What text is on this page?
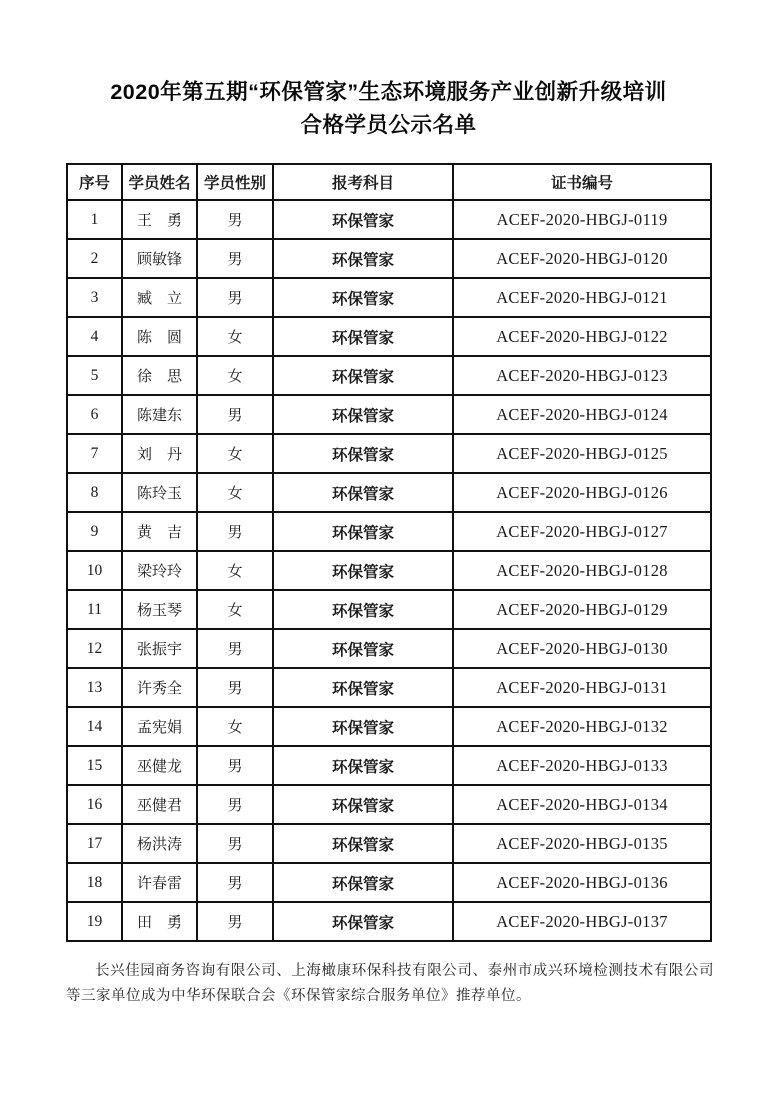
2020年第五期“环保管家”生态环境服务产业创新升级培训
合格学员公示名单
序号	学员姓名	学员性别	报考科目	证书编号
1	王　勇	男	环保管家	ACEF-2020-HBGJ-0119
2	顾敏锋	男	环保管家	ACEF-2020-HBGJ-0120
3	臧　立	男	环保管家	ACEF-2020-HBGJ-0121
4	陈　圆	女	环保管家	ACEF-2020-HBGJ-0122
5	徐　思	女	环保管家	ACEF-2020-HBGJ-0123
6	陈建东	男	环保管家	ACEF-2020-HBGJ-0124
7	刘　丹	女	环保管家	ACEF-2020-HBGJ-0125
8	陈玲玉	女	环保管家	ACEF-2020-HBGJ-0126
9	黄　吉	男	环保管家	ACEF-2020-HBGJ-0127
10	梁玲玲	女	环保管家	ACEF-2020-HBGJ-0128
11	杨玉琴	女	环保管家	ACEF-2020-HBGJ-0129
12	张振宇	男	环保管家	ACEF-2020-HBGJ-0130
13	许秀全	男	环保管家	ACEF-2020-HBGJ-0131
14	孟宪娟	女	环保管家	ACEF-2020-HBGJ-0132
15	巫健龙	男	环保管家	ACEF-2020-HBGJ-0133
16	巫健君	男	环保管家	ACEF-2020-HBGJ-0134
17	杨洪涛	男	环保管家	ACEF-2020-HBGJ-0135
18	许春雷	男	环保管家	ACEF-2020-HBGJ-0136
19	田　勇	男	环保管家	ACEF-2020-HBGJ-0137
长兴佳园商务咨询有限公司、上海橄康环保科技有限公司、泰州市成兴环境检测技术有限公司等三家单位成为中华环保联合会《环保管家综合服务单位》推荐单位。
